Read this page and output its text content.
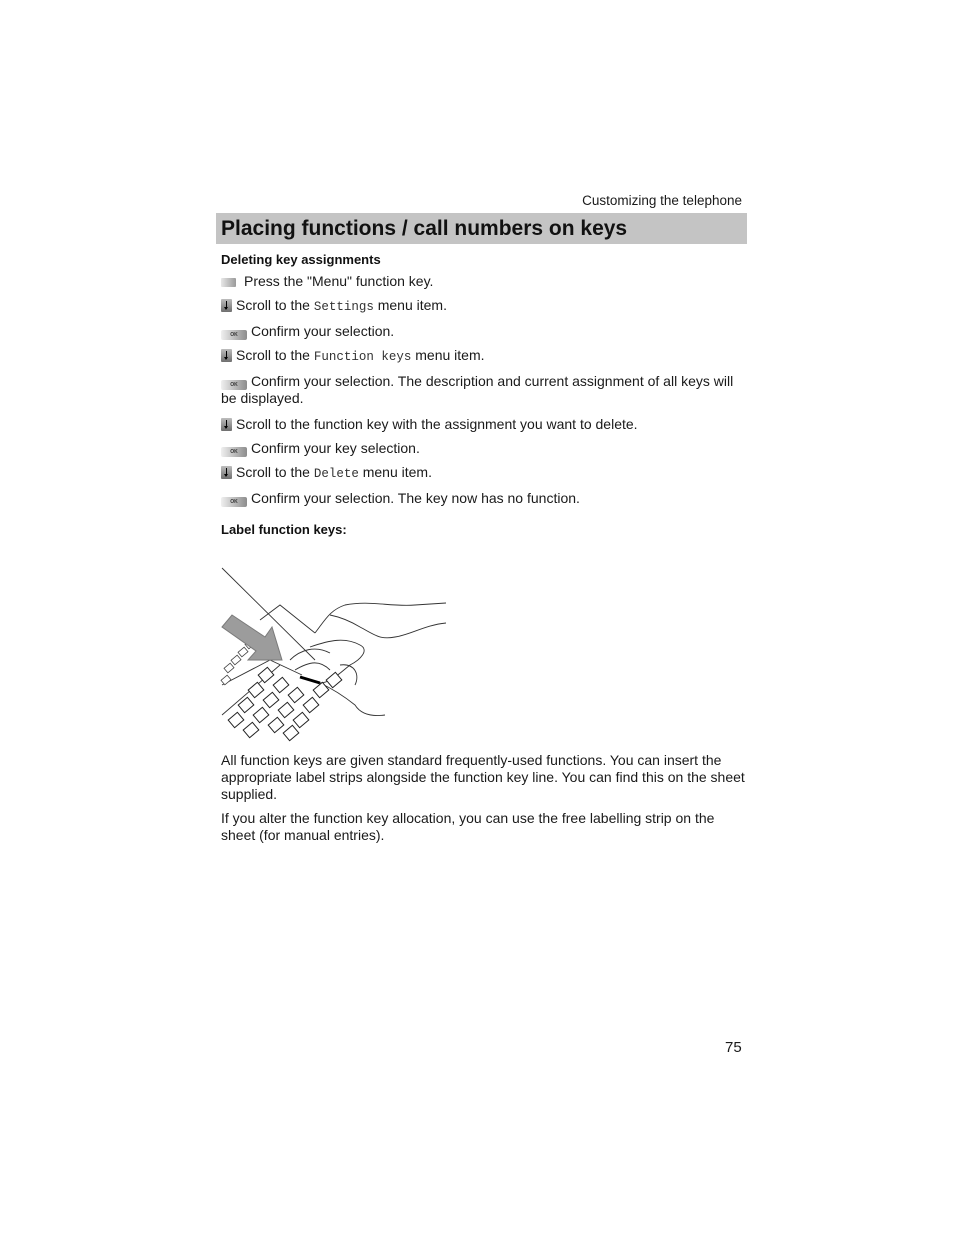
Customizing the telephone
Placing functions / call numbers on keys
Deleting key assignments
Press the "Menu" function key.
Scroll to the Settings menu item.
OK Confirm your selection.
Scroll to the Function keys menu item.
OK Confirm your selection. The description and current assignment of all keys will be displayed.
Scroll to the function key with the assignment you want to delete.
OK Confirm your key selection.
Scroll to the Delete menu item.
OK Confirm your selection. The key now has no function.
Label function keys:

All function keys are given standard frequently-used functions. You can insert the appropriate label strips alongside the function key line. You can find this on the sheet supplied.

If you alter the function key allocation, you can use the free labelling strip on the sheet (for manual entries).

75
